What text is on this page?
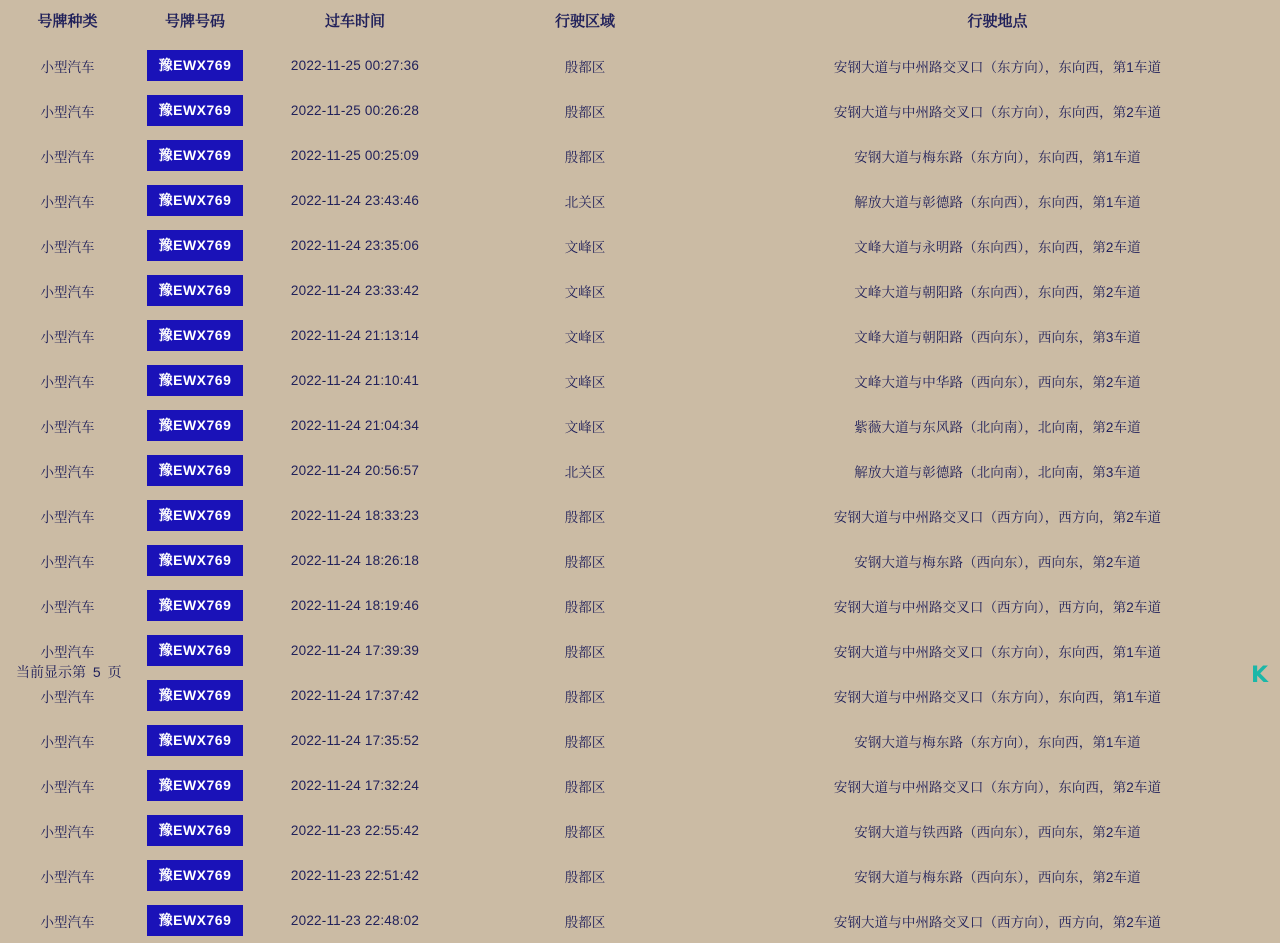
号牌种类	号牌号码	过车时间	行驶区域	行驶地点
小型汽车	豫EWX769	2022-11-25 00:27:36	殷都区	安钢大道与中州路交叉口（东方向），东向西，第1车道
小型汽车	豫EWX769	2022-11-25 00:26:28	殷都区	安钢大道与中州路交叉口（东方向），东向西，第2车道
小型汽车	豫EWX769	2022-11-25 00:25:09	殷都区	安钢大道与梅东路（东方向），东向西，第1车道
小型汽车	豫EWX769	2022-11-24 23:43:46	北关区	解放大道与彰德路（东向西），东向西，第1车道
小型汽车	豫EWX769	2022-11-24 23:35:06	文峰区	文峰大道与永明路（东向西），东向西，第2车道
小型汽车	豫EWX769	2022-11-24 23:33:42	文峰区	文峰大道与朝阳路（东向西），东向西，第2车道
小型汽车	豫EWX769	2022-11-24 21:13:14	文峰区	文峰大道与朝阳路（西向东），西向东，第3车道
小型汽车	豫EWX769	2022-11-24 21:10:41	文峰区	文峰大道与中华路（西向东），西向东，第2车道
小型汽车	豫EWX769	2022-11-24 21:04:34	文峰区	紫薇大道与东风路（北向南），北向南，第2车道
小型汽车	豫EWX769	2022-11-24 20:56:57	北关区	解放大道与彰德路（北向南），北向南，第3车道
小型汽车	豫EWX769	2022-11-24 18:33:23	殷都区	安钢大道与中州路交叉口（西方向），西方向，第2车道
小型汽车	豫EWX769	2022-11-24 18:26:18	殷都区	安钢大道与梅东路（西向东），西向东，第2车道
小型汽车	豫EWX769	2022-11-24 18:19:46	殷都区	安钢大道与中州路交叉口（西方向），西方向，第2车道
小型汽车	豫EWX769	2022-11-24 17:39:39	殷都区	安钢大道与中州路交叉口（东方向），东向西，第1车道
小型汽车	豫EWX769	2022-11-24 17:37:42	殷都区	安钢大道与中州路交叉口（东方向），东向西，第1车道
小型汽车	豫EWX769	2022-11-24 17:35:52	殷都区	安钢大道与梅东路（东方向），东向西，第1车道
小型汽车	豫EWX769	2022-11-24 17:32:24	殷都区	安钢大道与中州路交叉口（东方向），东向西，第2车道
小型汽车	豫EWX769	2022-11-23 22:55:42	殷都区	安钢大道与铁西路（西向东），西向东，第2车道
小型汽车	豫EWX769	2022-11-23 22:51:42	殷都区	安钢大道与梅东路（西向东），西向东，第2车道
小型汽车	豫EWX769	2022-11-23 22:48:02	殷都区	安钢大道与中州路交叉口（西方向），西方向，第2车道
当前显示第 5 页	K
